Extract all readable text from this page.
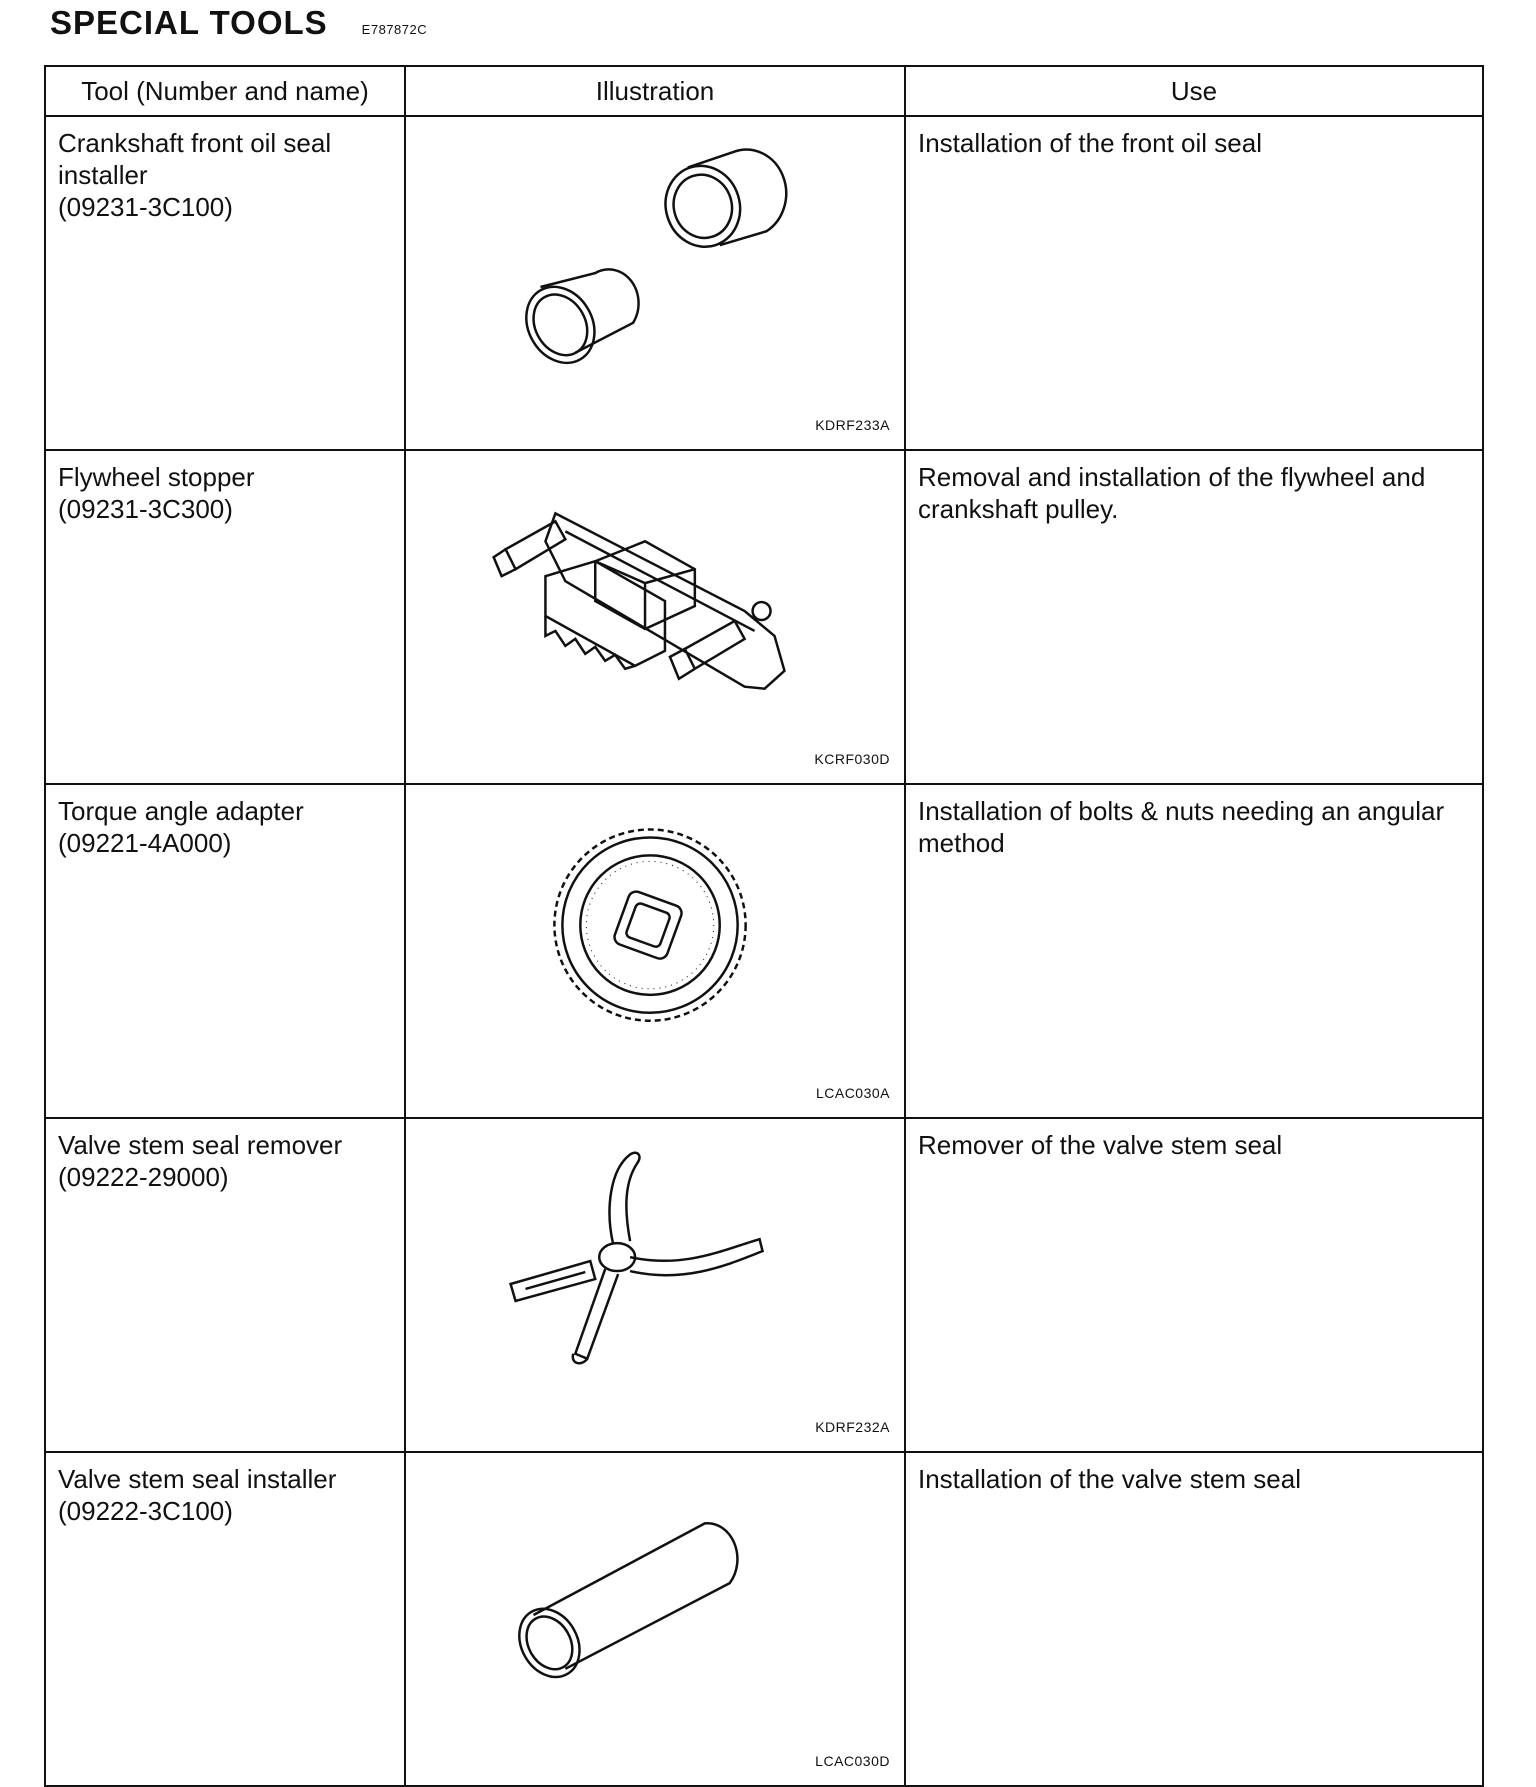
SPECIAL TOOLS	E787872C
Tool (Number and name)	Illustration	Use

Crankshaft front oil seal installer
(09231-3C100)	KDRF233A	Installation of the front oil seal

Flywheel stopper
(09231-3C300)	KCRF030D	Removal and installation of the flywheel and crankshaft pulley.

Torque angle adapter
(09221-4A000)	LCAC030A	Installation of bolts & nuts needing an angular method

Valve stem seal remover
(09222-29000)	KDRF232A	Remover of the valve stem seal

Valve stem seal installer
(09222-3C100)	LCAC030D	Installation of the valve stem seal
